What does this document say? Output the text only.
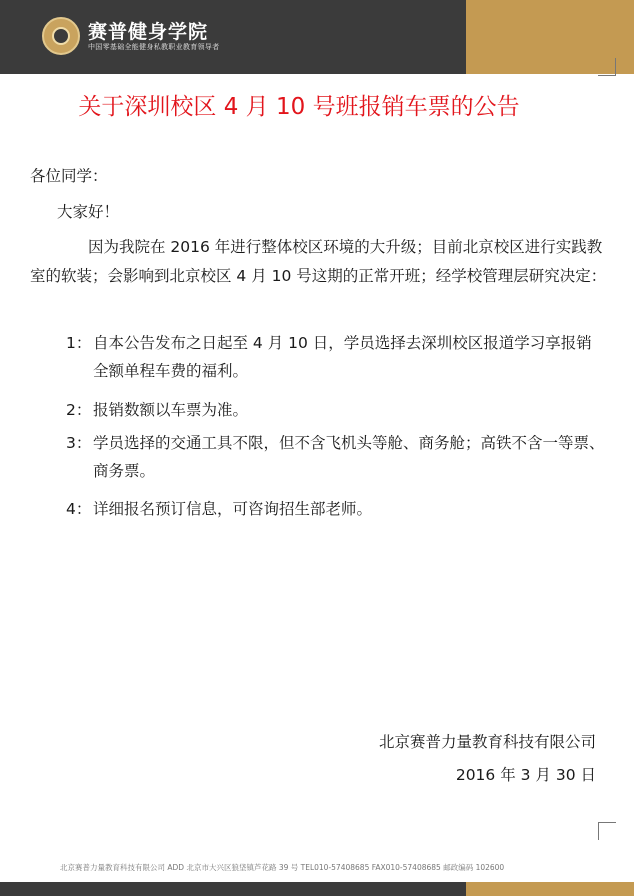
赛普健身学院
中国零基础全能健身私教职业教育领导者
关于深圳校区 4 月 10 号班报销车票的公告
各位同学：
大家好！
因为我院在 2016 年进行整体校区环境的大升级；目前北京校区进行实践教室的软装；会影响到北京校区 4 月 10 号这期的正常开班；经学校管理层研究决定：
1： 自本公告发布之日起至 4 月 10 日，学员选择去深圳校区报道学习享报销全额单程车费的福利。
2： 报销数额以车票为准。
3： 学员选择的交通工具不限，但不含飞机头等舱、商务舱；高铁不含一等票、商务票。
4： 详细报名预订信息，可咨询招生部老师。
北京赛普力量教育科技有限公司
2016 年 3 月 30 日
北京赛普力量教育科技有限公司 ADD 北京市大兴区狼垡镇芦花路 39 号 TEL010-57408685 FAX010-57408685 邮政编码 102600
